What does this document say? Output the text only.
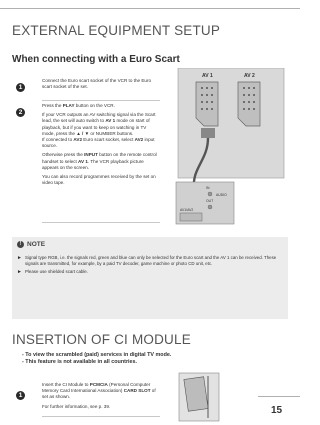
EXTERNAL EQUIPMENT SETUP
When connecting with a Euro Scart
1
Connect the Euro scart socket of the VCR to the Euro scart socket of the set.
2

Press the PLAY button on the VCR.

If your VCR outputs an AV switching signal via the Scart lead, the set will auto switch to AV 1 mode on start of playback, but if you want to keep on watching in TV mode, press the ▲ / ▼ or NUMBER buttons.

If connected to AV2 Euro scart socket, select AV2 input source.

Otherwise press the INPUT button on the remote control handset to select AV 1. The VCR playback picture appears on the screen.

You can also record programmes received by the set on video tape.

AV 1	AV 2
IN
OUT
AUDIO
AV1/AV2
! NOTE
► Signal type RGB, i.e. the signals red, green and blue can only be selected for the Euro scart and the AV 1 can be received. These signals are transmitted, for example, by a paid TV decoder, game machine or photo CD unit, etc.
► Please use shielded scart cable.
INSERTION OF CI MODULE
- To view the scrambled (paid) services in digital TV mode.
- This feature is not available in all countries.
1

Insert the CI Module to PCMCIA (Personal Computer Memory Card International Association) CARD SLOT of set as shown.

For further information, see p. 39.	15
